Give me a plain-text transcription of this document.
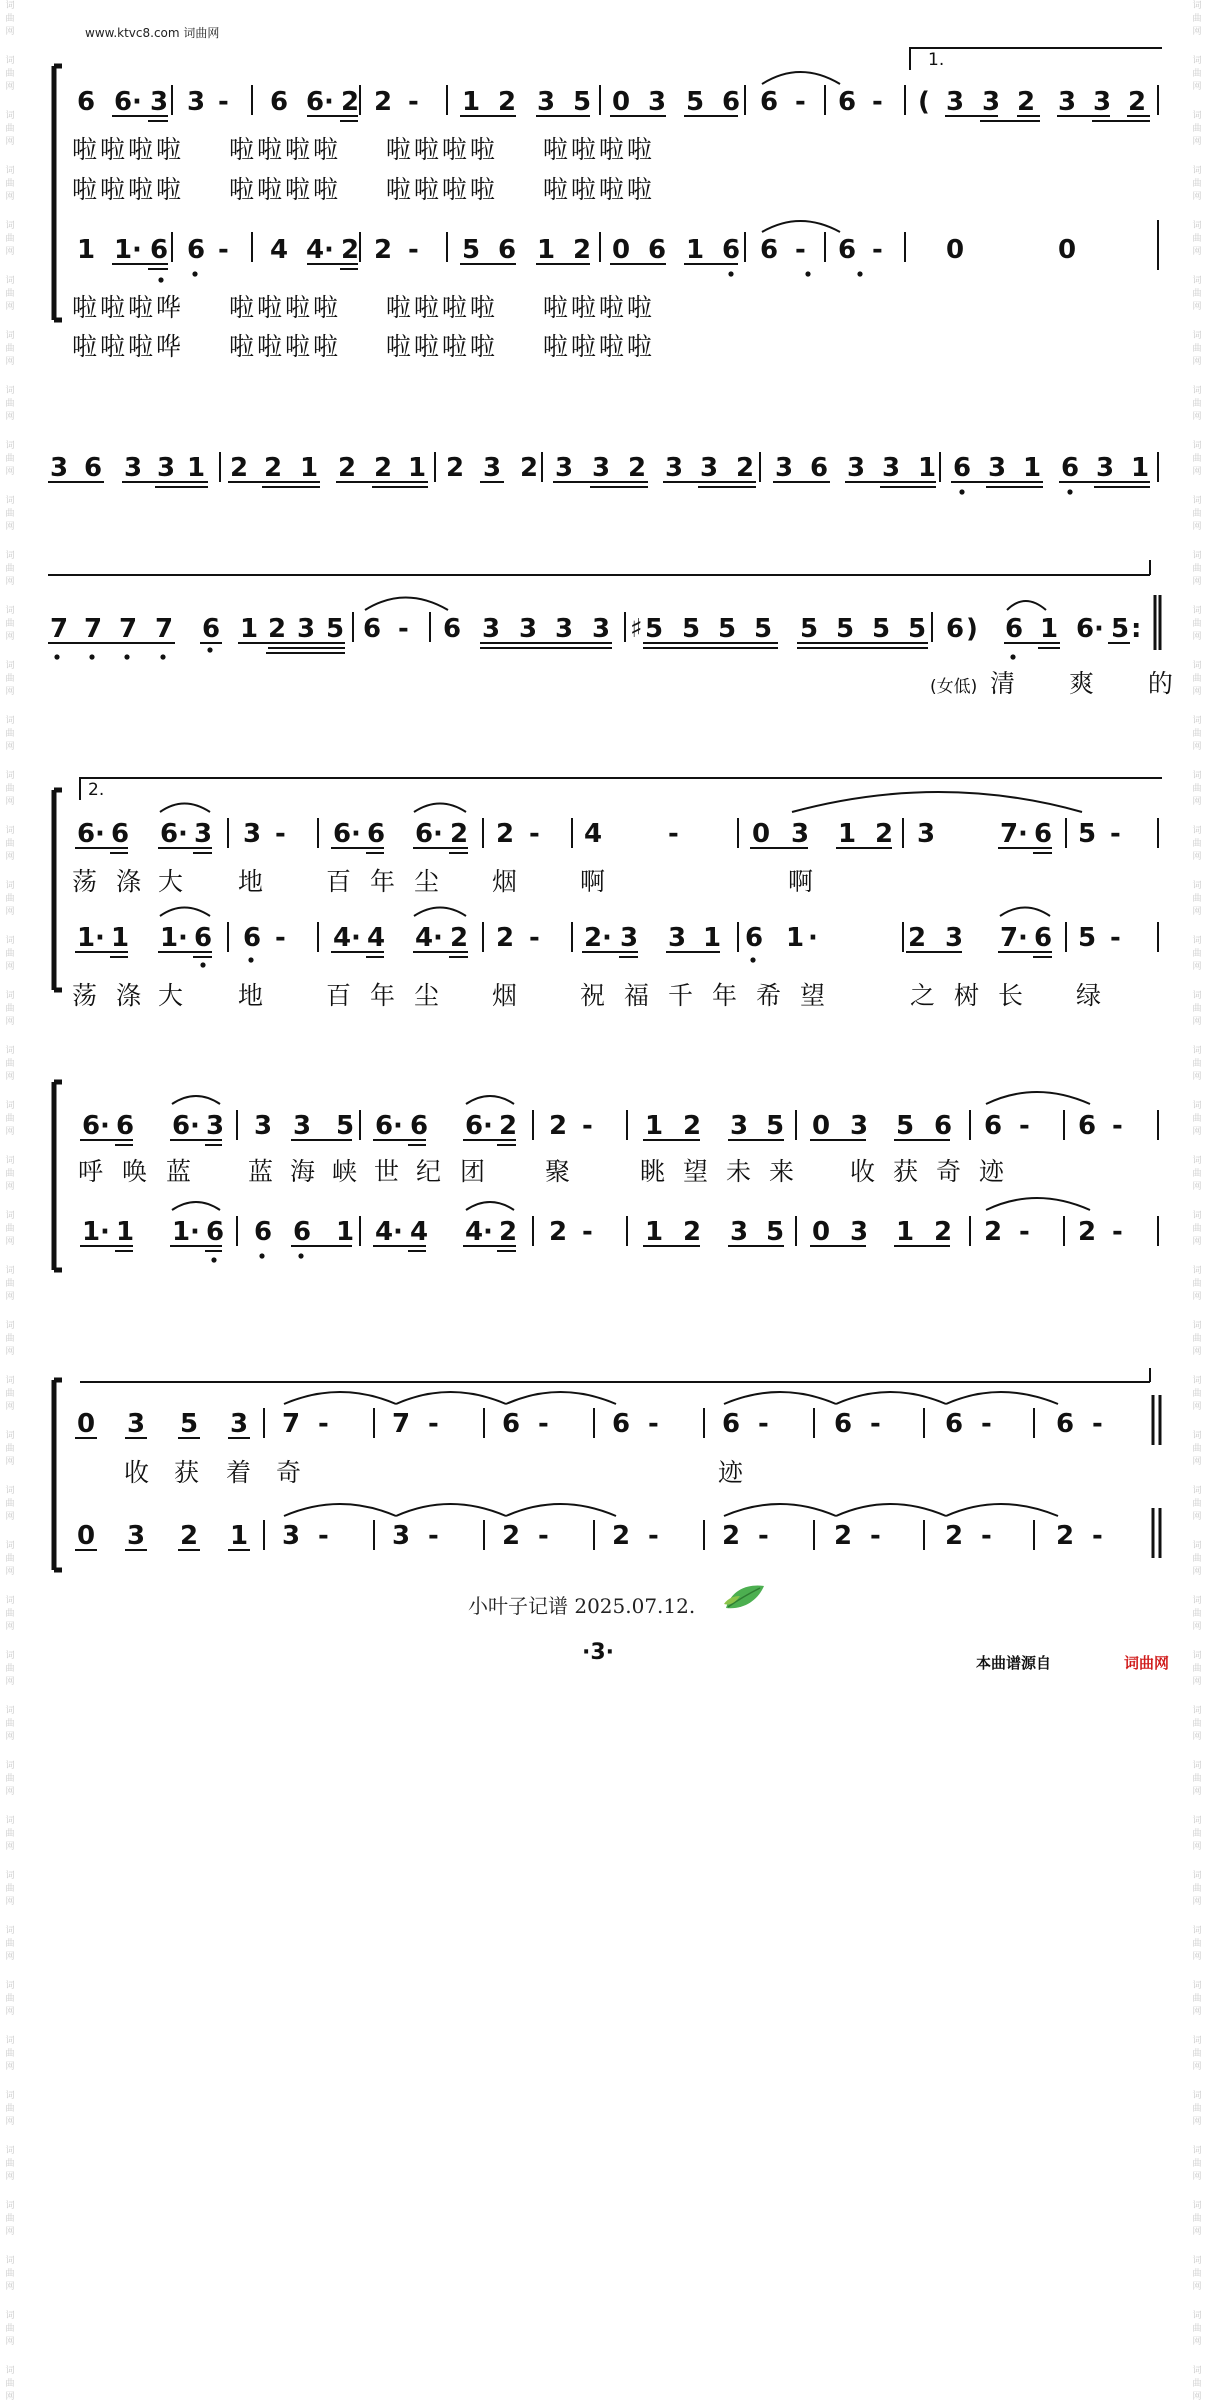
词
曲
网
词
曲
网
词
曲
网
词
曲
网
词
曲
网
词
曲
网
词
曲
网
词
曲
网
词
曲
网
词
曲
网
词
曲
网
词
曲
网
词
曲
网
词
曲
网
词
曲
网
词
曲
网
词
曲
网
词
曲
网
词
曲
网
词
曲
网
词
曲
网
词
曲
网
词
曲
网
词
曲
网
词
曲
网
词
曲
网
词
曲
网
词
曲
网
词
曲
网
词
曲
网
词
曲
网
词
曲
网
词
曲
网
词
曲
网
词
曲
网
词
曲
网
词
曲
网
词
曲
网
词
曲
网
词
曲
网
词
曲
网
词
曲
网
词
曲
网
词
曲
网
词
曲
网
词
曲
网
词
曲
网
词
曲
网
词
曲
网
词
曲
网
词
曲
网
词
曲
网
词
曲
网
词
曲
网
词
曲
网
词
曲
网
词
曲
网
词
曲
网
词
曲
网
词
曲
网
词
曲
网
词
曲
网
词
曲
网
词
曲
网
词
曲
网
词
曲
网
词
曲
网
词
曲
网
词
曲
网
词
曲
网
词
曲
网
词
曲
网
词
曲
网
词
曲
网
词
曲
网
词
曲
网
词
曲
网
词
曲
网
词
曲
网
词
曲
网
词
曲
网
词
曲
网
词
曲
网
词
曲
网
词
曲
网
词
曲
网
词
曲
网
词
曲
网
www.ktvc8.com 词曲网
6 6 · 3 3 - 6 6 · 2 2 - 1 2 3 5 0 3 5 6 6 - 6 - ( 3 3 2 3 3 2
1 1 · 6 6 - 4 4 · 2 2 - 5 6 1 2 0 6 1 6 6 - 6 - 0	0
3 6 3 3 1 2 2 1 2 2 1 2 3 2 3 3 2 3 3 2 3 6 3 3 1 6 3 1 6 3 1
7 7 7 7 6 1 2 3 5 6 - 6 3 3 3 3 ♯ 5 5 5 5 5 5 5 5 6 ) 6 1 6 · 5 :
6 · 6 6 · 3 3 - 6 · 6 6 · 2 2 - 4	-	0 3 1 2 3 7 · 6 5 -
1 · 1 1 · 6 6 - 4 · 4 4 · 2 2 - 2 · 3 3 1 6 1 ·	2 3 7 · 6 5 -
6 · 6 6 · 3 3 3 5 6 · 6 6 · 2 2 - 1 2 3 5 0 3 5 6 6 - 6 -
1 · 1 1 · 6 6 6 1 4 · 4 4 · 2 2 - 1 2 3 5 0 3 1 2 2 - 2 -
0 3 5 3 7 - 7 - 6 - 6 - 6 -	6 - 6 - 6 -
0 3 2 1 3 - 3 - 2 - 2 - 2 -	2 - 2 - 2 -
啦啦啦啦 啦啦啦啦 啦啦啦啦 啦啦啦啦
啦啦啦啦 啦啦啦啦 啦啦啦啦 啦啦啦啦
啦啦啦哗 啦啦啦啦 啦啦啦啦 啦啦啦啦
啦啦啦哗 啦啦啦啦 啦啦啦啦 啦啦啦啦
清 爽 的
荡 涤 大 地 百 年 尘 烟 啊	啊
荡 涤 大 地 百 年 尘 烟 祝 福 千 年 希 望	之 树 长 绿
呼 唤 蓝 蓝 海 峡 世 纪 团 聚	眺 望 未 来 收 获 奇 迹
收 获 着 奇	迹
1.
2.
(女低)
小叶子记谱 2025.07.12.
·3·	本曲谱源自	词曲网
